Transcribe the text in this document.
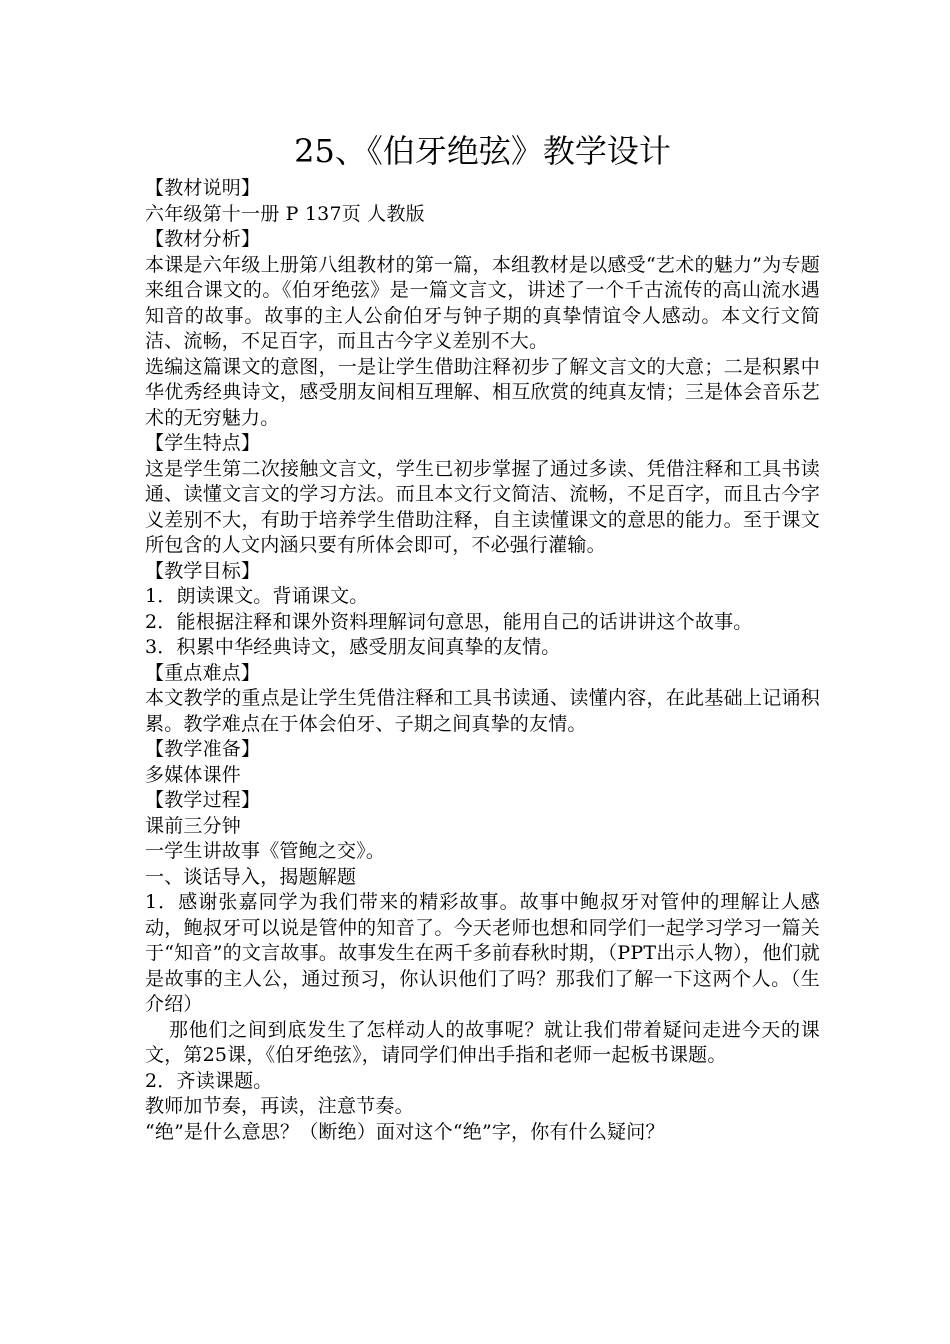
25、《伯牙绝弦》教学设计

【教材说明】

六年级第十一册 P 137页 人教版

【教材分析】

本课是六年级上册第八组教材的第一篇，本组教材是以感受“艺术的魅力”为专题来组合课文的。《伯牙绝弦》是一篇文言文，讲述了一个千古流传的高山流水遇知音的故事。故事的主人公俞伯牙与钟子期的真挚情谊令人感动。本文行文简洁、流畅，不足百字，而且古今字义差别不大。

选编这篇课文的意图，一是让学生借助注释初步了解文言文的大意；二是积累中华优秀经典诗文，感受朋友间相互理解、相互欣赏的纯真友情；三是体会音乐艺术的无穷魅力。

【学生特点】

这是学生第二次接触文言文，学生已初步掌握了通过多读、凭借注释和工具书读通、读懂文言文的学习方法。而且本文行文简洁、流畅，不足百字，而且古今字义差别不大，有助于培养学生借助注释，自主读懂课文的意思的能力。至于课文所包含的人文内涵只要有所体会即可，不必强行灌输。

【教学目标】

1．朗读课文。背诵课文。

2．能根据注释和课外资料理解词句意思，能用自己的话讲讲这个故事。

3．积累中华经典诗文，感受朋友间真挚的友情。

【重点难点】

本文教学的重点是让学生凭借注释和工具书读通、读懂内容，在此基础上记诵积累。教学难点在于体会伯牙、子期之间真挚的友情。

【教学准备】

多媒体课件

【教学过程】

课前三分钟

一学生讲故事《管鲍之交》。

一、谈话导入，揭题解题

1．感谢张嘉同学为我们带来的精彩故事。故事中鲍叔牙对管仲的理解让人感动，鲍叔牙可以说是管仲的知音了。今天老师也想和同学们一起学习学习一篇关于“知音”的文言故事。故事发生在两千多前春秋时期，（PPT出示人物），他们就是故事的主人公，通过预习，你认识他们了吗？那我们了解一下这两个人。（生介绍）

那他们之间到底发生了怎样动人的故事呢？就让我们带着疑问走进今天的课文，第25课，《伯牙绝弦》，请同学们伸出手指和老师一起板书课题。

2．齐读课题。

教师加节奏，再读，注意节奏。

“绝”是什么意思？（断绝）面对这个“绝”字，你有什么疑问？
